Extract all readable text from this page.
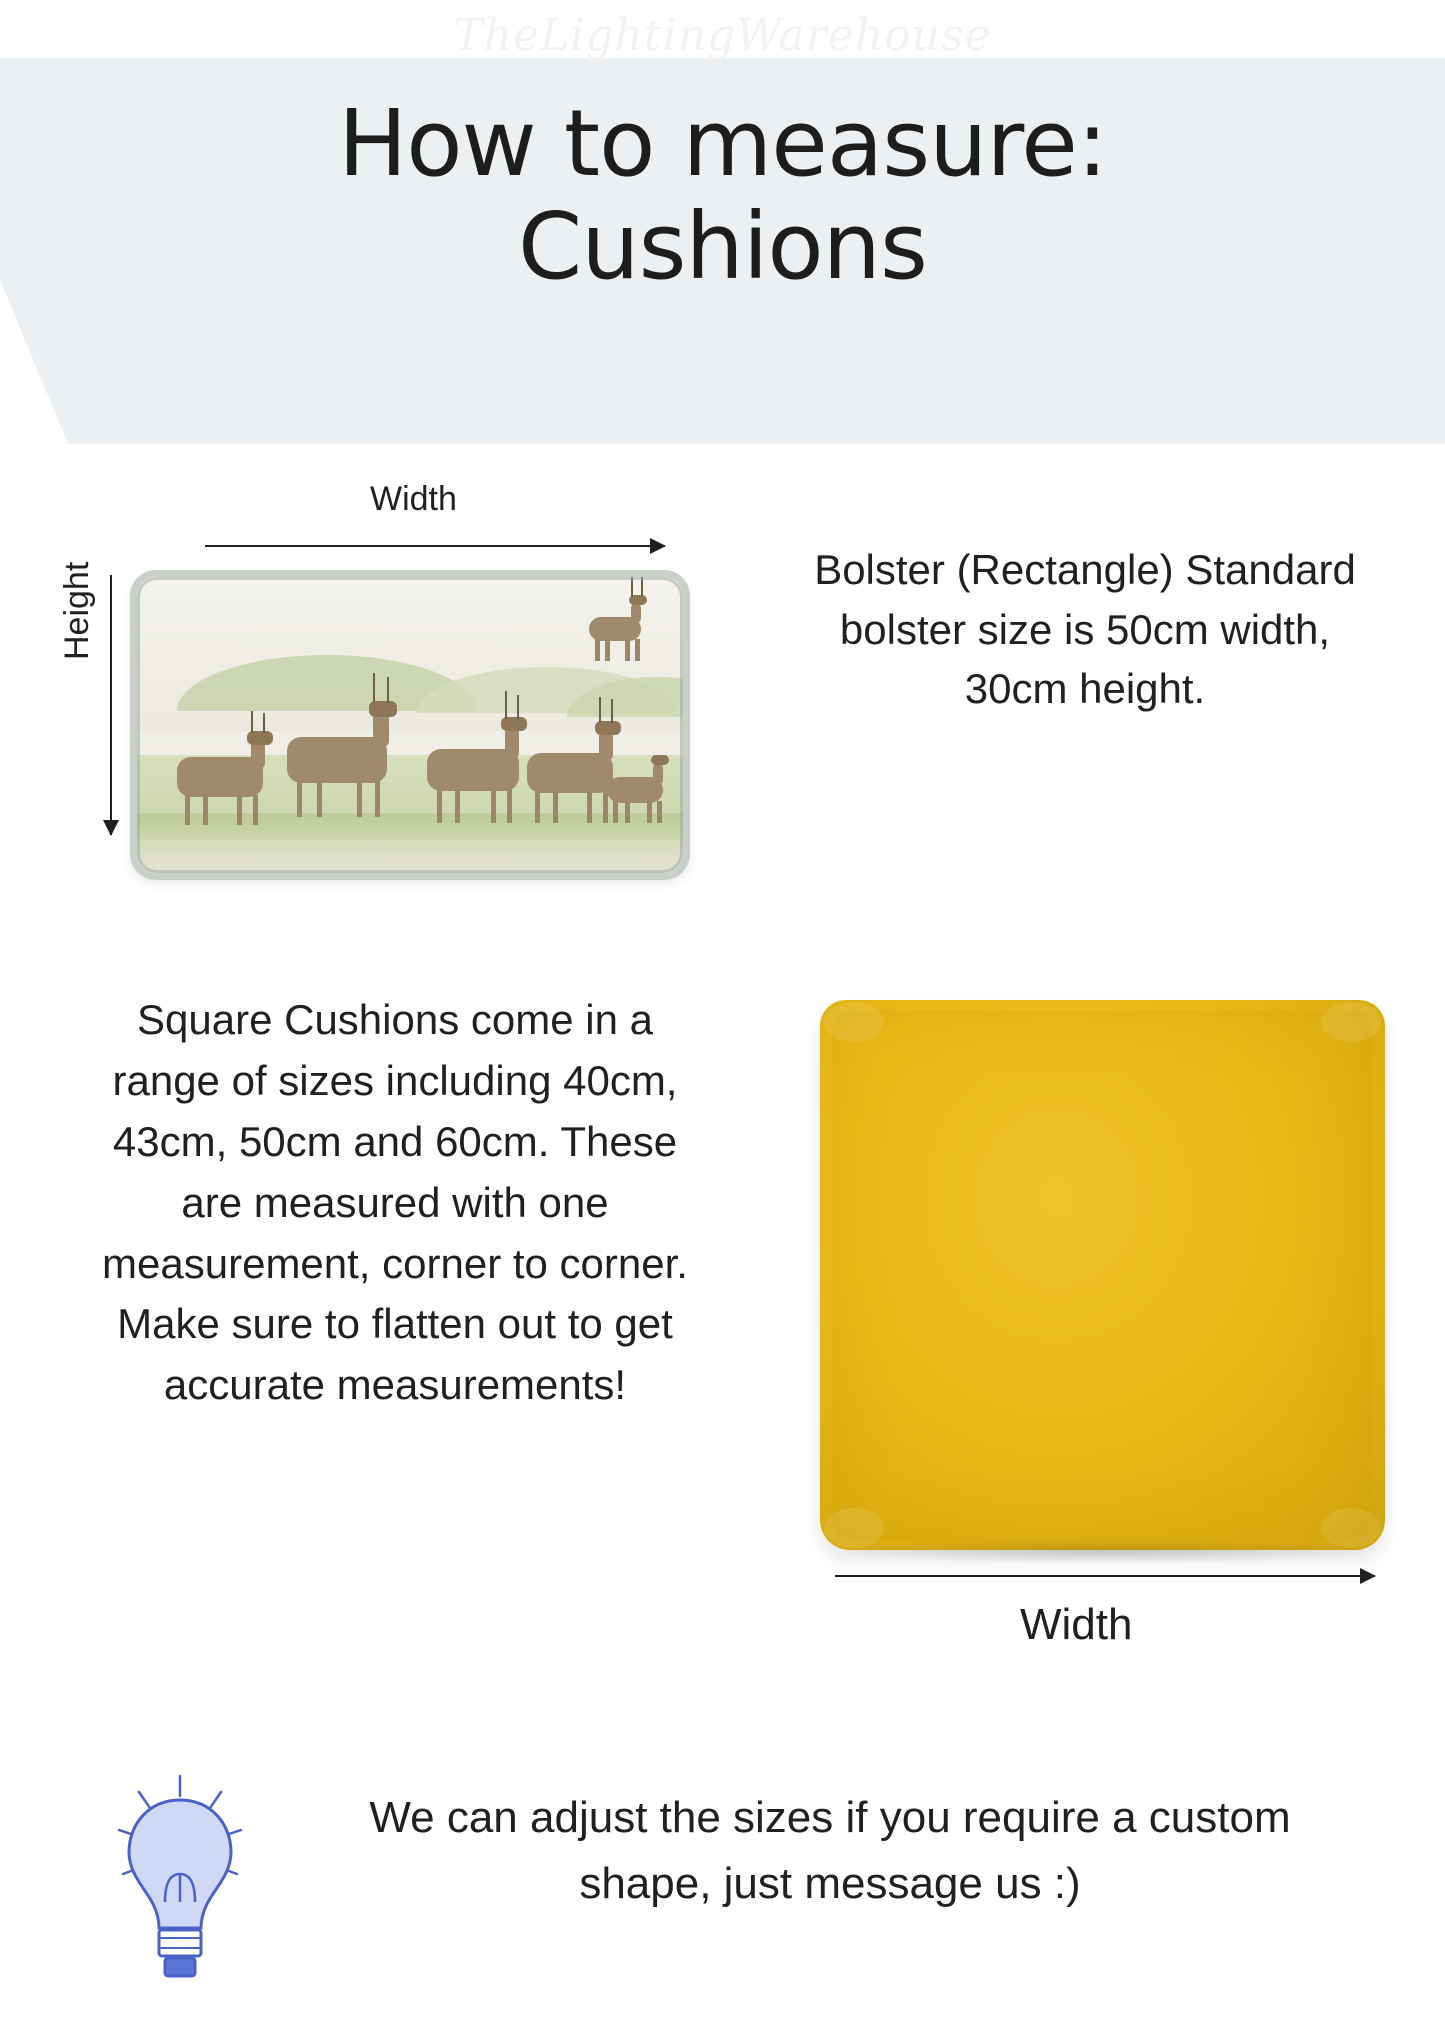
TheLightingWarehouse
How to measure:
Cushions
Width
Height	Bolster (Rectangle) Standard bolster size is 50cm width, 30cm height.
Square Cushions come in a range of sizes including 40cm, 43cm, 50cm and 60cm. These are measured with one measurement, corner to corner. Make sure to flatten out to get accurate measurements!
Width
We can adjust the sizes if you require a custom shape, just message us :)
